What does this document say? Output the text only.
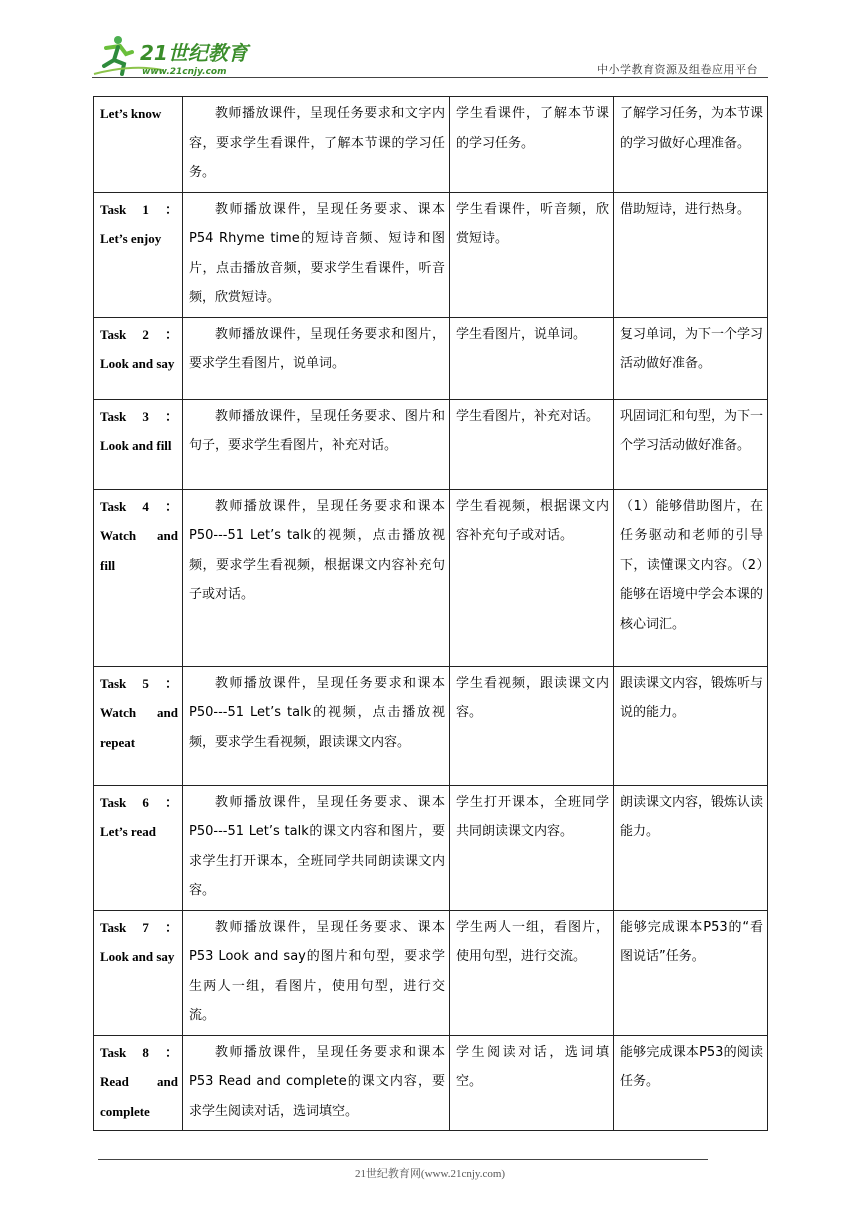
21世纪教育
www.21cnjy.com	中小学教育资源及组卷应用平台
Let’s know	教师播放课件，呈现任务要求和文字内容，要求学生看课件，了解本节课的学习任务。	学生看课件，了解本节课的学习任务。	了解学习任务，为本节课的学习做好心理准备。
Task 1 ：Let’s enjoy	教师播放课件，呈现任务要求、课本P54 Rhyme time的短诗音频、短诗和图片，点击播放音频，要求学生看课件，听音频，欣赏短诗。	学生看课件，听音频，欣赏短诗。	借助短诗，进行热身。
Task 2 ：Look and say	教师播放课件，呈现任务要求和图片，要求学生看图片，说单词。	学生看图片，说单词。	复习单词，为下一个学习活动做好准备。
Task 3 ：Look and fill	教师播放课件，呈现任务要求、图片和句子，要求学生看图片，补充对话。	学生看图片，补充对话。	巩固词汇和句型，为下一个学习活动做好准备。
Task 4 ：Watch and fill	教师播放课件，呈现任务要求和课本P50---51 Let’s talk的视频，点击播放视频，要求学生看视频，根据课文内容补充句子或对话。	学生看视频，根据课文内容补充句子或对话。	（1）能够借助图片，在任务驱动和老师的引导下，读懂课文内容。（2）能够在语境中学会本课的核心词汇。
Task 5 ：Watch and repeat	教师播放课件，呈现任务要求和课本P50---51 Let’s talk的视频，点击播放视频，要求学生看视频，跟读课文内容。	学生看视频，跟读课文内容。	跟读课文内容，锻炼听与说的能力。
Task 6 ：Let’s read	教师播放课件，呈现任务要求、课本P50---51 Let’s talk的课文内容和图片，要求学生打开课本，全班同学共同朗读课文内容。	学生打开课本，全班同学共同朗读课文内容。	朗读课文内容，锻炼认读能力。
Task 7 ：Look and say	教师播放课件，呈现任务要求、课本P53 Look and say的图片和句型，要求学生两人一组，看图片，使用句型，进行交流。	学生两人一组，看图片，使用句型，进行交流。	能够完成课本P53的“看图说话”任务。
Task 8 ：Read and complete	教师播放课件，呈现任务要求和课本P53 Read and complete的课文内容，要求学生阅读对话，选词填空。	学生阅读对话，选词填空。	能够完成课本P53的阅读任务。
21世纪教育网(www.21cnjy.com)
